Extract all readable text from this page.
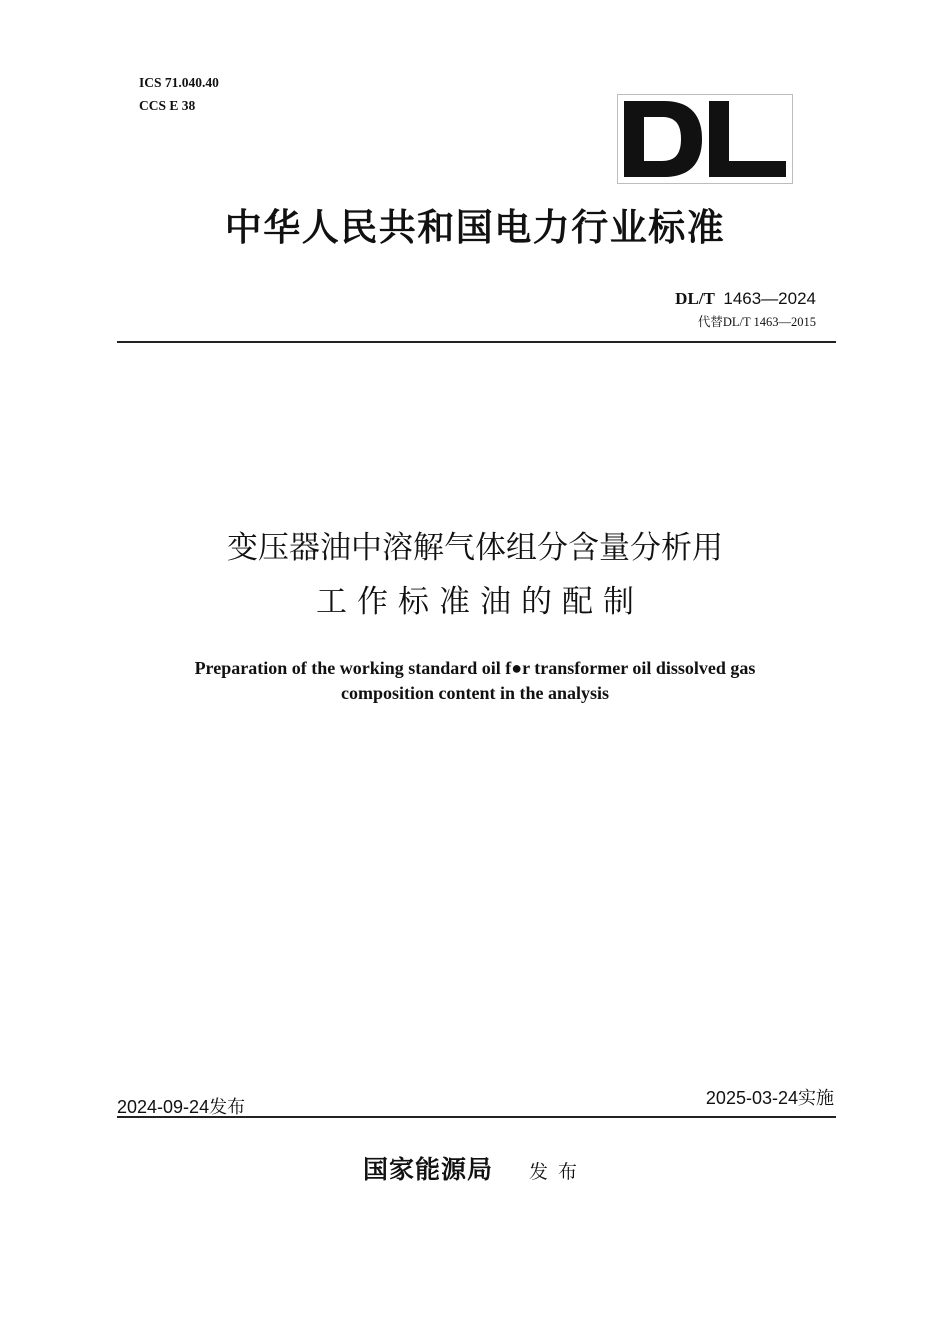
ICS 71.040.40
CCS E 38
中华人民共和国电力行业标准
DL/T 1463—2024
代替DL/T 1463—2015
变压器油中溶解气体组分含量分析用
工作标准油的配制
Preparation of the working standard oil f●r transformer oil dissolved gas
composition content in the analysis
2024-09-24发布	2025-03-24实施
国家能源局 发布
